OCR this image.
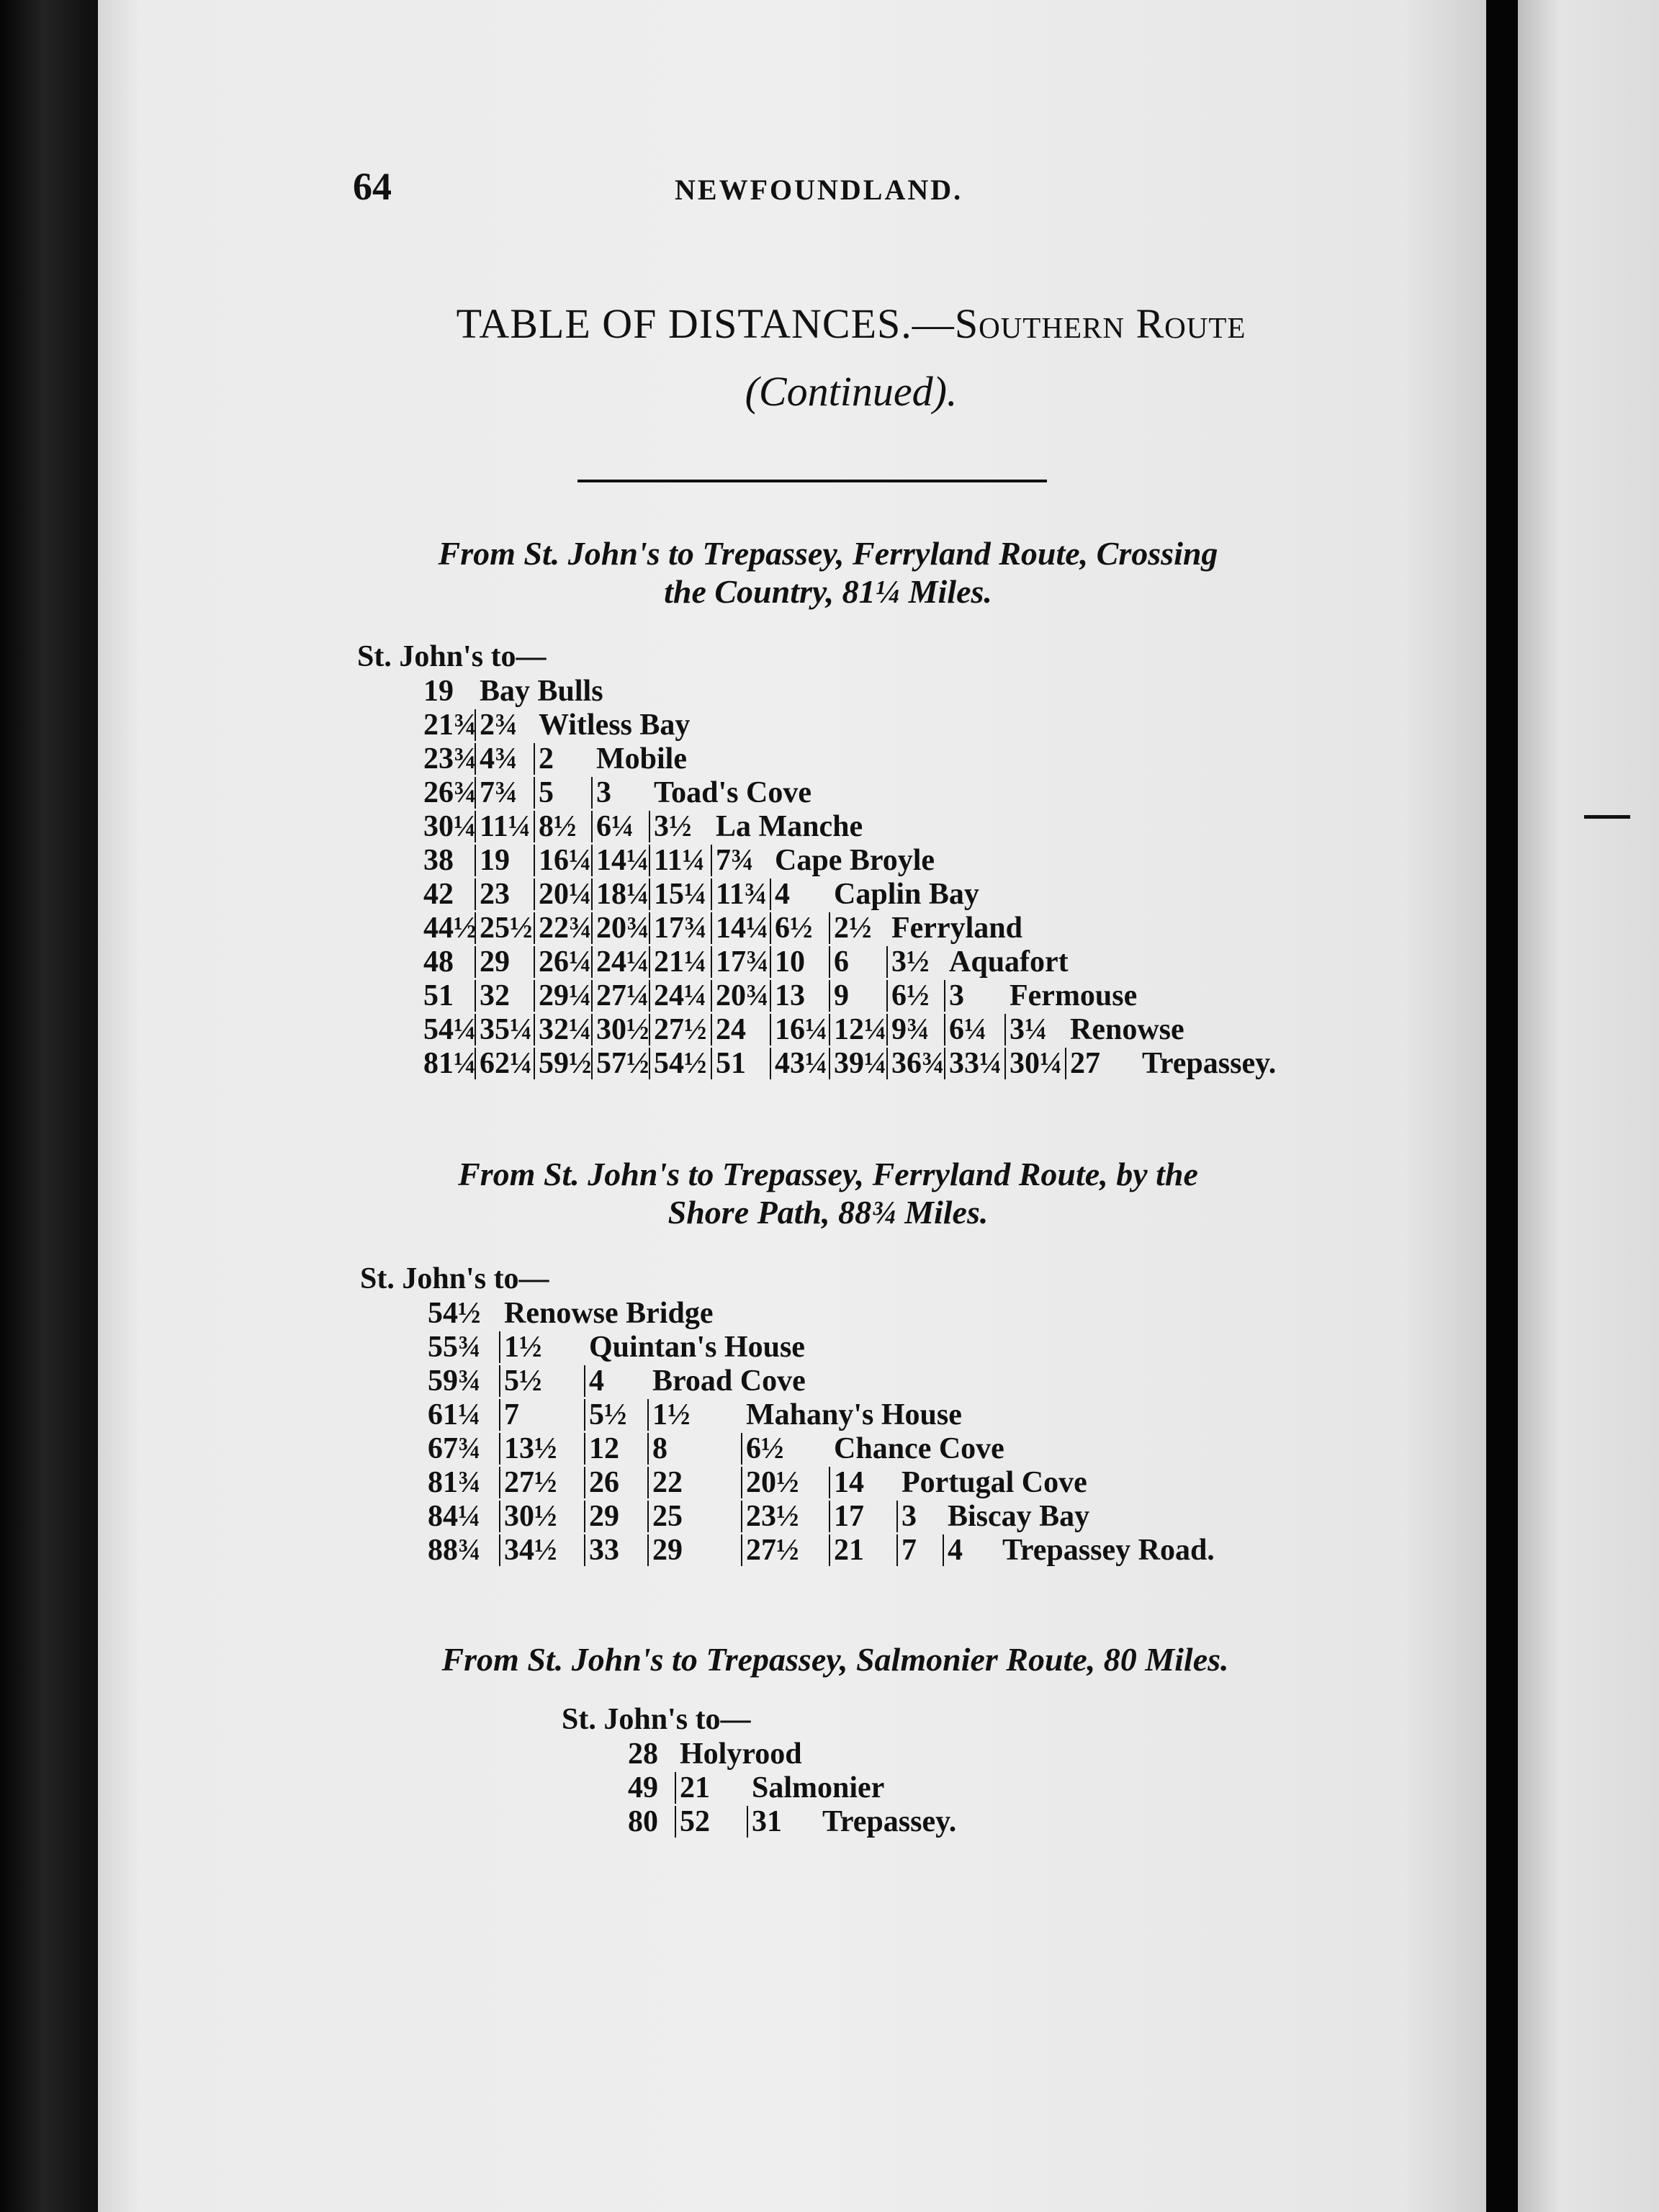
64	NEWFOUNDLAND.
TABLE OF DISTANCES.—Southern Route
(Continued).
From St. John's to Trepassey, Ferryland Route, Crossing
the Country, 81¼ Miles.
St. John's to—
19 Bay Bulls
21¾ 2¾ Witless Bay
23¾ 4¾ 2 Mobile
26¾ 7¾ 5 3 Toad's Cove
30¼ 11¼ 8½ 6¼ 3½ La Manche
38 19 16¼ 14¼ 11¼ 7¾ Cape Broyle
42 23 20¼ 18¼ 15¼ 11¾ 4 Caplin Bay
44½ 25½ 22¾ 20¾ 17¾ 14¼ 6½ 2½ Ferryland
48 29 26¼ 24¼ 21¼ 17¾ 10 6 3½ Aquafort
51 32 29¼ 27¼ 24¼ 20¾ 13 9 6½ 3 Fermouse
54¼ 35¼ 32¼ 30½ 27½ 24 16¼ 12¼ 9¾ 6¼ 3¼ Renowse
81¼ 62¼ 59½ 57½ 54½ 51 43¼ 39¼ 36¾ 33¼ 30¼ 27 Trepassey.
From St. John's to Trepassey, Ferryland Route, by the
Shore Path, 88¾ Miles.
St. John's to—
54½ Renowse Bridge
55¾ 1½ Quintan's House
59¾ 5½ 4 Broad Cove
61¼ 7 5½ 1½ Mahany's House
67¾ 13½ 12 8	6½ Chance Cove
81¾ 27½ 26 22 20½ 14 Portugal Cove
84¼ 30½ 29 25 23½ 17 3 Biscay Bay
88¾ 34½ 33 29 27½ 21 7 4 Trepassey Road.
From St. John's to Trepassey, Salmonier Route, 80 Miles.
St. John's to—
28 Holyrood
49 21 Salmonier
80 52 31 Trepassey.
